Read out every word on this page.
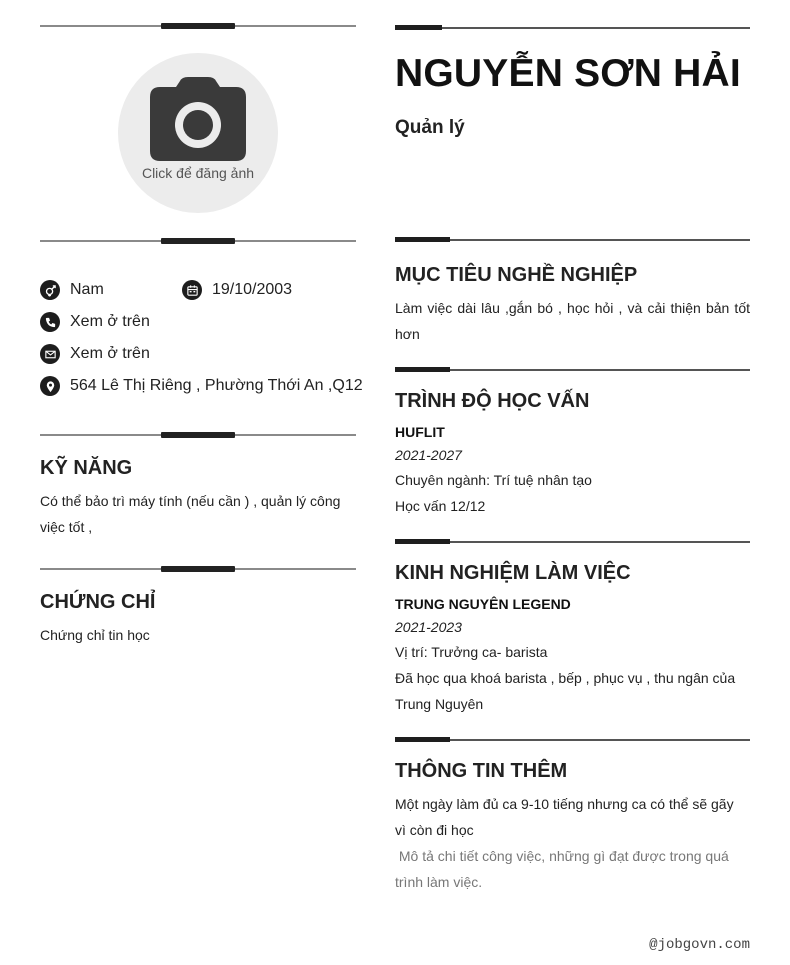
Click để đăng ảnh
Nam	19/10/2003
Xem ở trên
Xem ở trên
564 Lê Thị Riêng , Phường Thới An ,Q12
KỸ NĂNG
Có thể bảo trì máy tính (nếu cần ) , quản lý công việc tốt ,
CHỨNG CHỈ
Chứng chỉ tin học
NGUYỄN SƠN HẢI
Quản lý
MỤC TIÊU NGHỀ NGHIỆP
Làm việc dài lâu ,gắn bó , học hỏi , và cải thiện bản tốt hơn
TRÌNH ĐỘ HỌC VẤN
HUFLIT
2021-2027
Chuyên ngành: Trí tuệ nhân tạo
Học vấn 12/12
KINH NGHIỆM LÀM VIỆC
TRUNG NGUYÊN LEGEND
2021-2023
Vị trí: Trưởng ca- barista
Đã học qua khoá barista , bếp , phục vụ , thu ngân của Trung Nguyên
THÔNG TIN THÊM
Một ngày làm đủ ca 9-10 tiếng nhưng ca có thể sẽ gãy vì còn đi học
Mô tả chi tiết công việc, những gì đạt được trong quá trình làm việc.
@jobgovn.com
